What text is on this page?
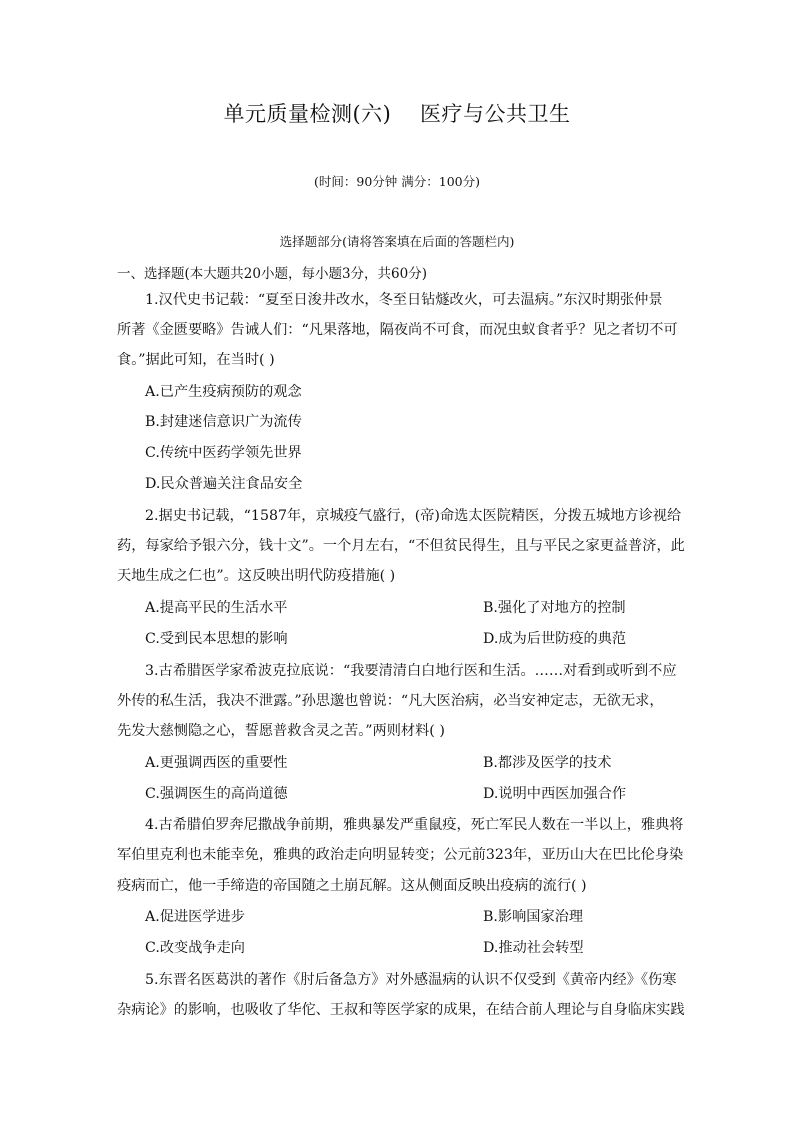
单元质量检测(六)    医疗与公共卫生
(时间：90分钟 满分：100分)
选择题部分(请将答案填在后面的答题栏内)
一、选择题(本大题共20小题，每小题3分，共60分)
1.汉代史书记载：“夏至日浚井改水，冬至日钻燧改火，可去温病。”东汉时期张仲景
所著《金匮要略》告诫人们：“凡果落地，隔夜尚不可食，而况虫蚁食者乎？见之者切不可
食。”据此可知，在当时( )
A.已产生疫病预防的观念
B.封建迷信意识广为流传
C.传统中医药学领先世界
D.民众普遍关注食品安全
2.据史书记载，“1587年，京城疫气盛行，(帝)命选太医院精医，分拨五城地方诊视给
药，每家给予银六分，钱十文”。一个月左右，“不但贫民得生，且与平民之家更益普济，此
天地生成之仁也”。这反映出明代防疫措施( )
A.提高平民的生活水平	B.强化了对地方的控制
C.受到民本思想的影响	D.成为后世防疫的典范
3.古希腊医学家希波克拉底说：“我要清清白白地行医和生活。……对看到或听到不应
外传的私生活，我决不泄露。”孙思邈也曾说：“凡大医治病，必当安神定志，无欲无求，
先发大慈恻隐之心，誓愿普救含灵之苦。”两则材料( )
A.更强调西医的重要性	B.都涉及医学的技术
C.强调医生的高尚道德	D.说明中西医加强合作
4.古希腊伯罗奔尼撒战争前期，雅典暴发严重鼠疫，死亡军民人数在一半以上，雅典将
军伯里克利也未能幸免，雅典的政治走向明显转变；公元前323年，亚历山大在巴比伦身染
疫病而亡，他一手缔造的帝国随之土崩瓦解。这从侧面反映出疫病的流行( )
A.促进医学进步	B.影响国家治理
C.改变战争走向	D.推动社会转型
5.东晋名医葛洪的著作《肘后备急方》对外感温病的认识不仅受到《黄帝内经》《伤寒
杂病论》的影响，也吸收了华佗、王叔和等医学家的成果，在结合前人理论与自身临床实践
